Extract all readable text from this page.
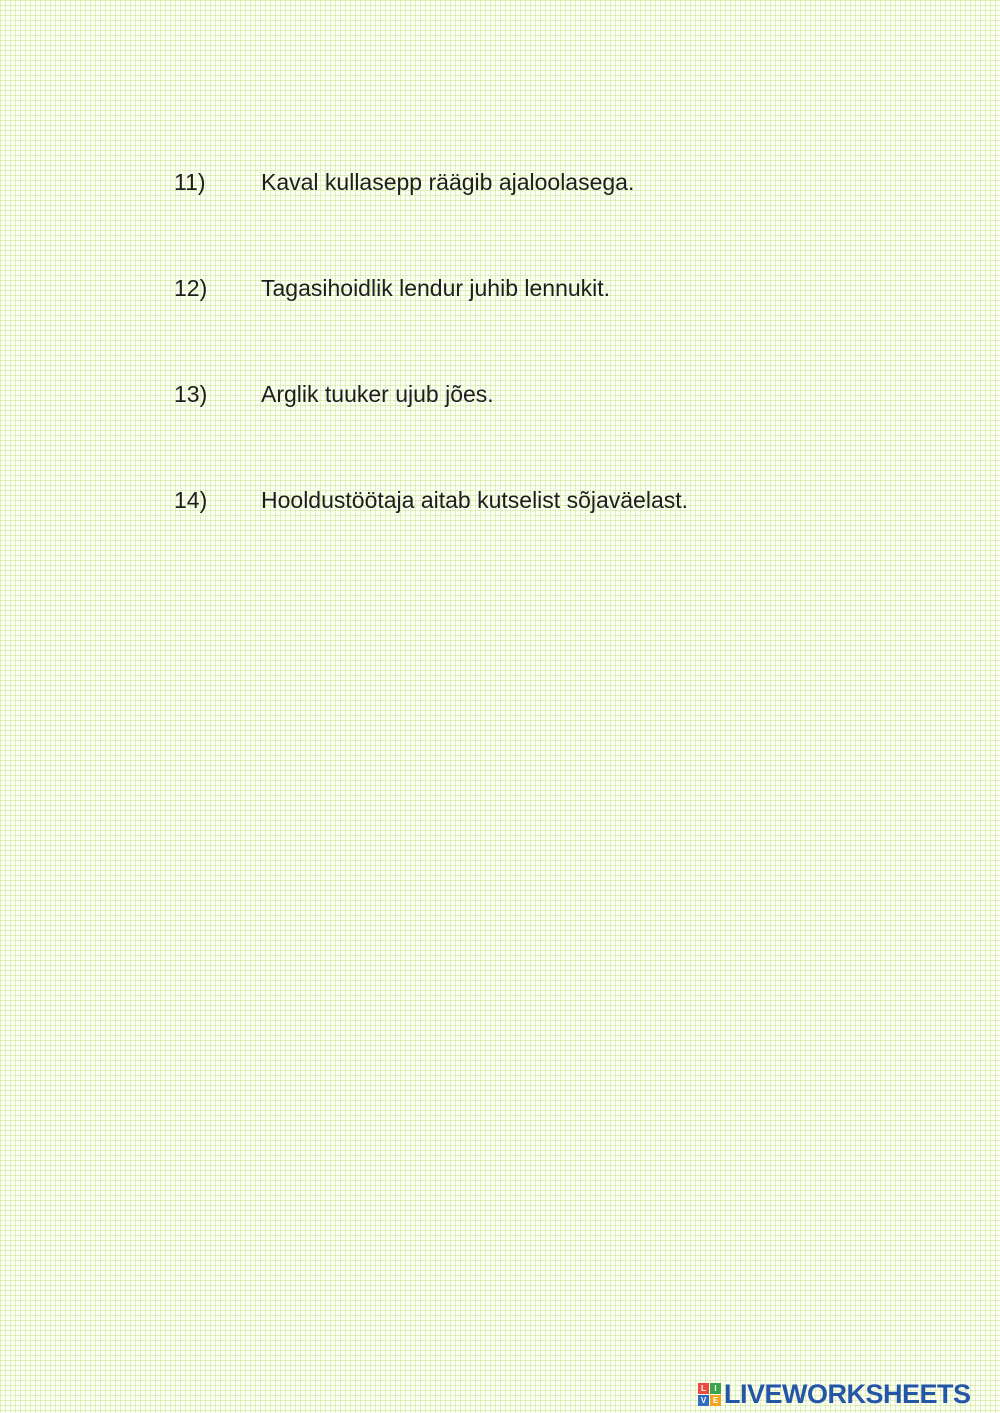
11) Kaval kullasepp räägib ajaloolasega.
12) Tagasihoidlik lendur juhib lennukit.
13) Arglik tuuker ujub jões.
14) Hooldustöötaja aitab kutselist sõjaväelast.
L	I
V E LIVEWORKSHEETS
